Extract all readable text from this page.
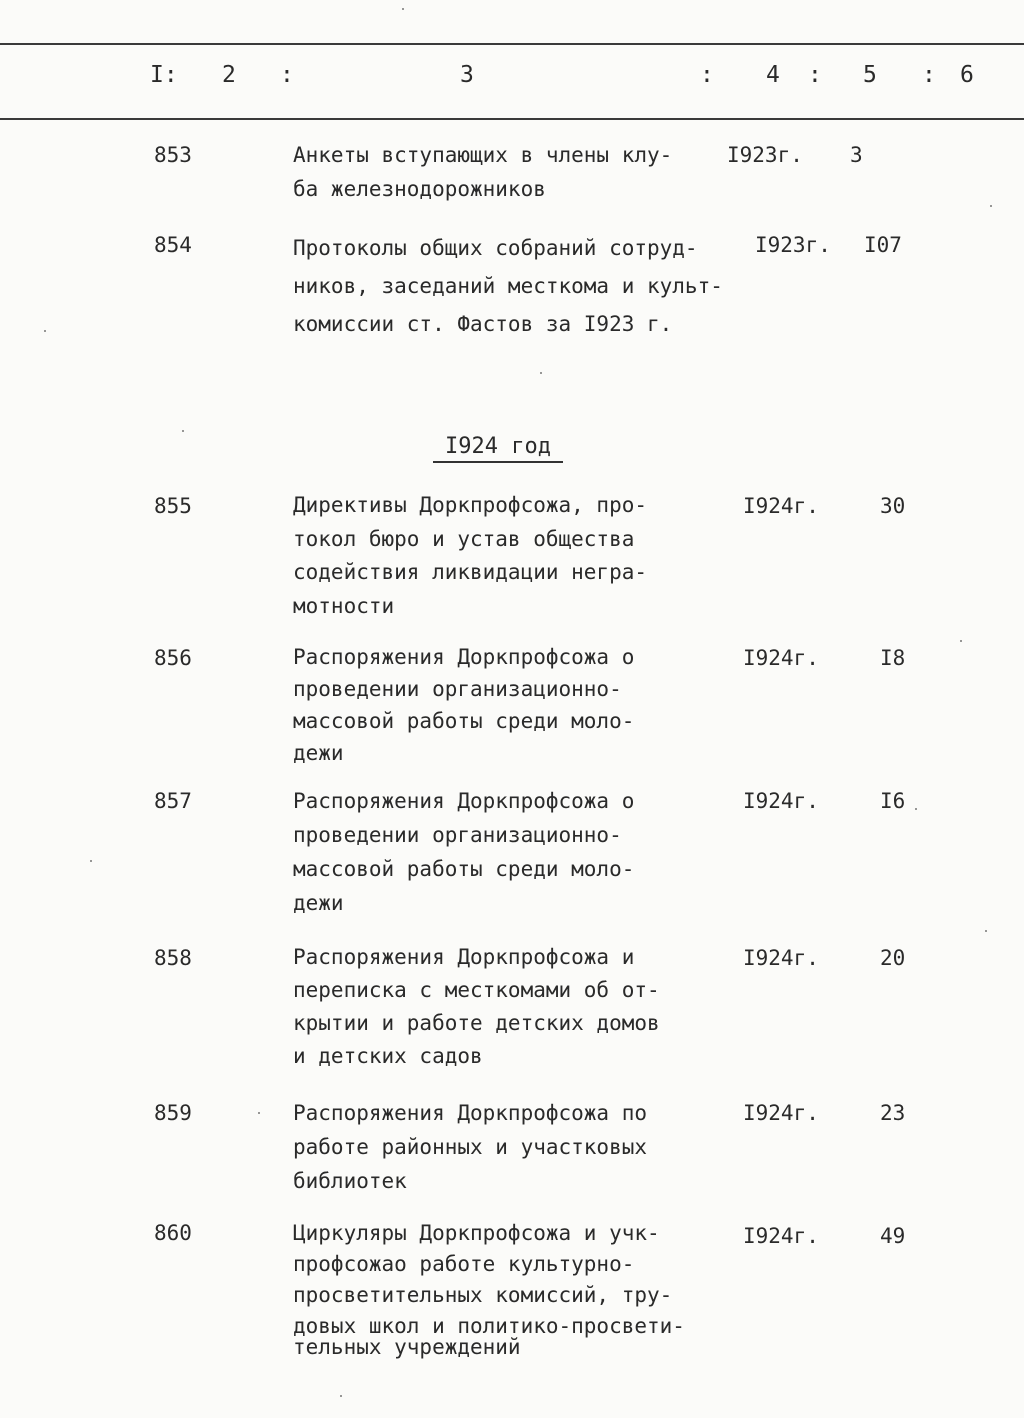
I: 2 :	3	: 4 : 5 : 6
853	Анкеты вступающих в члены клу-
ба железнодорожников
I923г. 3
854	Протоколы общих собраний сотруд-
ников, заседаний месткома и культ-
комиссии ст. Фастов за I923 г.
I923г. I07
I924 год
855	Директивы Доркпрофсожа, про-
токол бюро и устав общества
содействия ликвидации негра-
мотности
I924г.	30
856	Распоряжения Доркпрофсожа о
проведении организационно-
массовой работы среди моло-
дежи
I924г.	I8
857	Распоряжения Доркпрофсожа о
проведении организационно-
массовой работы среди моло-
дежи
I924г.	I6
858	Распоряжения Доркпрофсожа и
переписка с месткомами об от-
крытии и работе детских домов
и детских садов
I924г.	20
859	Распоряжения Доркпрофсожа по
работе районных и участковых
библиотек
I924г.	23
860	Циркуляры Доркпрофсожа и учк-
профсожао работе культурно-
просветительных комиссий, тру-
довых школ и политико-просвети-
тельных учреждений
I924г.	49
